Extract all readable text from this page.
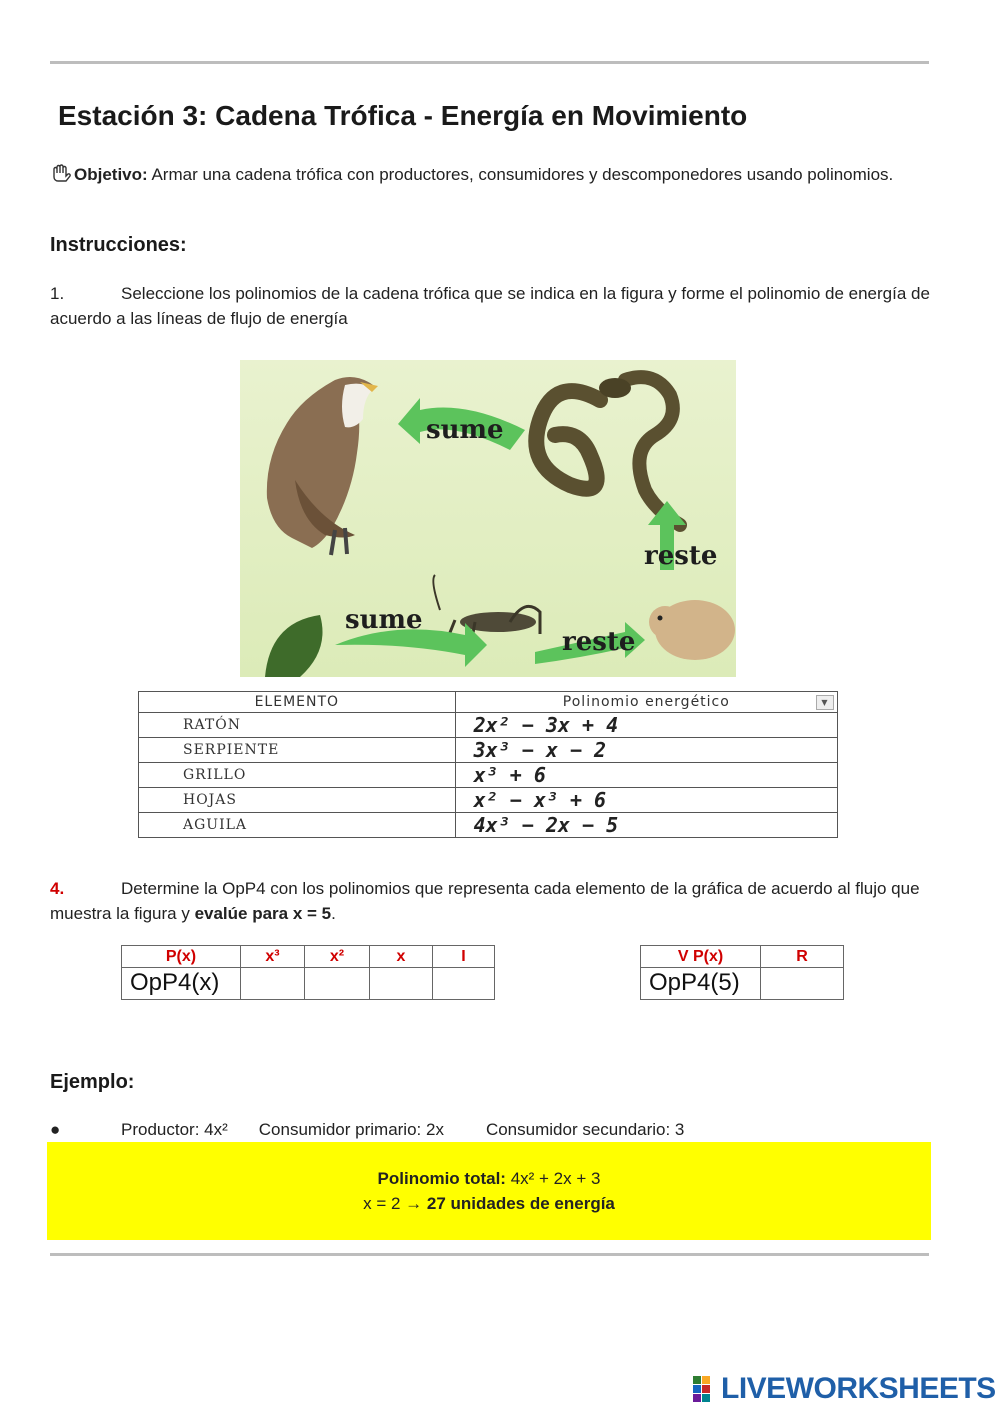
Estación 3: Cadena Trófica - Energía en Movimiento
Objetivo: Armar una cadena trófica con productores, consumidores y descomponedores usando polinomios.
Instrucciones:
1.	Seleccione los polinomios de la cadena trófica que se indica en la figura y forme el polinomio de energía de acuerdo a las líneas de flujo de energía
sume
reste
sume
reste
ELEMENTO	Polinomio energético ▼

RATÓN	2x² − 3x + 4
SERPIENTE	3x³ − x − 2
GRILLO	x³ + 6
HOJAS	x² − x³ + 6
AGUILA	4x³ − 2x − 5
4.	Determine la OpP4 con los polinomios que representa cada elemento de la gráfica de acuerdo al flujo que muestra la figura y evalúe para x = 5.
P(x)	x³	x²	x	I
OpP4(x)				
V P(x)	R
OpP4(5)	
Ejemplo:
●	Productor: 4x² Consumidor primario: 2x Consumidor secundario: 3
Polinomio total: 4x² + 2x + 3
x = 2 → 27 unidades de energía
LIVEWORKSHEETS
